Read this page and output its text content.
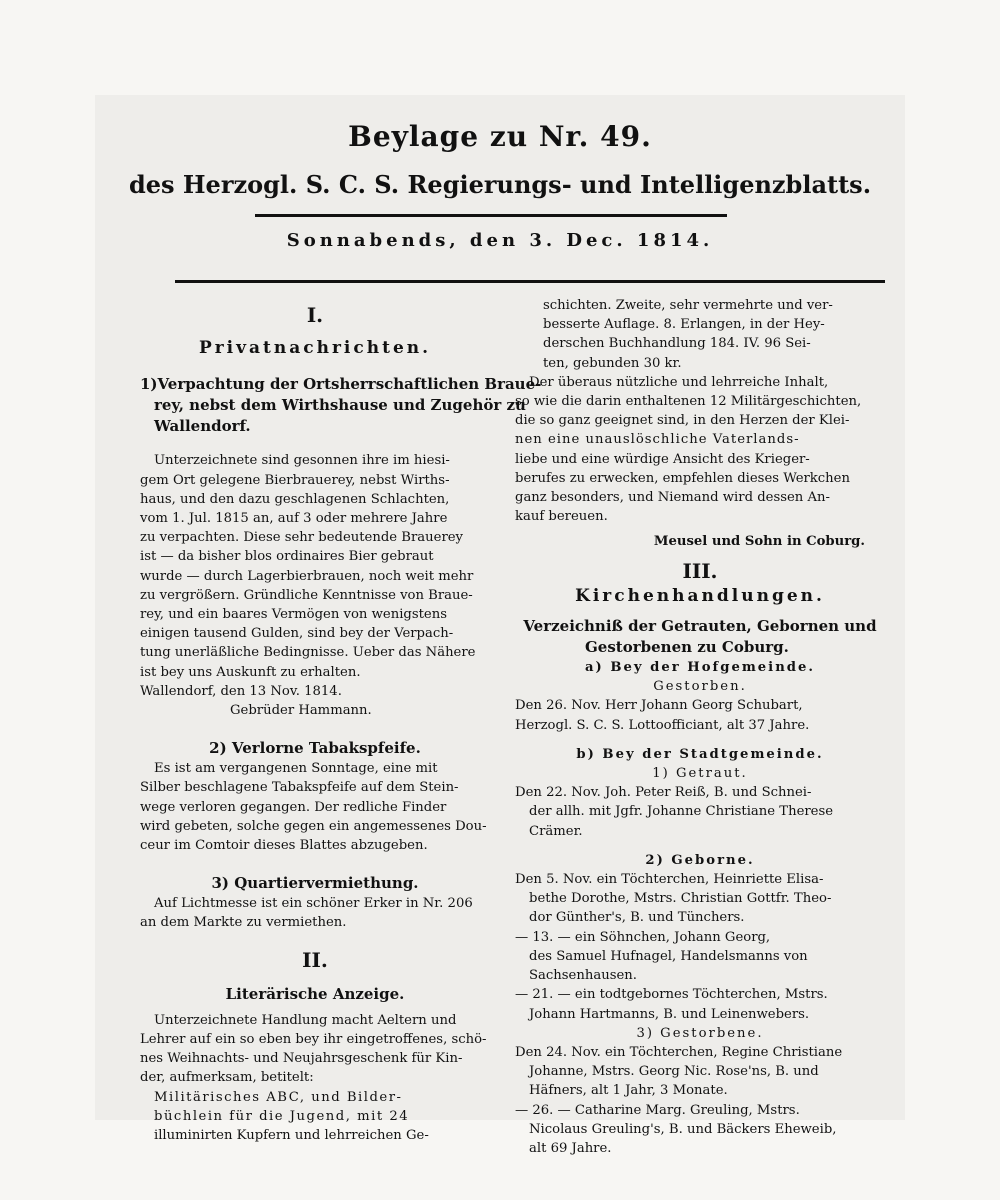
Beylage zu Nr. 49.
des Herzogl. S. C. S. Regierungs- und Intelligenzblatts.
Sonnabends, den 3. Dec. 1814.
I.
Privatnachrichten.
1)Verpachtung der Ortsherrschaftlichen Braue-
rey, nebst dem Wirthshause und Zugehör zu
Wallendorf.
Unterzeichnete sind gesonnen ihre im hiesi-
gem Ort gelegene Bierbrauerey, nebst Wirths-
haus, und den dazu geschlagenen Schlachten,
vom 1. Jul. 1815 an, auf 3 oder mehrere Jahre
zu verpachten. Diese sehr bedeutende Brauerey
ist — da bisher blos ordinaires Bier gebraut
wurde — durch Lagerbierbrauen, noch weit mehr
zu vergrößern. Gründliche Kenntnisse von Braue-
rey, und ein baares Vermögen von wenigstens
einigen tausend Gulden, sind bey der Verpach-
tung unerläßliche Bedingnisse. Ueber das Nähere
ist bey uns Auskunft zu erhalten.
Wallendorf, den 13 Nov. 1814.
Gebrüder Hammann.
2) Verlorne Tabakspfeife.
Es ist am vergangenen Sonntage, eine mit
Silber beschlagene Tabakspfeife auf dem Stein-
wege verloren gegangen. Der redliche Finder
wird gebeten, solche gegen ein angemessenes Dou-
ceur im Comtoir dieses Blattes abzugeben.
3) Quartiervermiethung.
Auf Lichtmesse ist ein schöner Erker in Nr. 206
an dem Markte zu vermiethen.
II.
Literärische Anzeige.
Unterzeichnete Handlung macht Aeltern und
Lehrer auf ein so eben bey ihr eingetroffenes, schö-
nes Weihnachts- und Neujahrsgeschenk für Kin-
der, aufmerksam, betitelt:
Militärisches ABC, und Bilder-
büchlein für die Jugend, mit 24
illuminirten Kupfern und lehrreichen Ge-
schichten. Zweite, sehr vermehrte und ver-
besserte Auflage. 8. Erlangen, in der Hey-
derschen Buchhandlung 184. IV. 96 Sei-
ten, gebunden 30 kr.
Der überaus nützliche und lehrreiche Inhalt,
so wie die darin enthaltenen 12 Militärgeschichten,
die so ganz geeignet sind, in den Herzen der Klei-
nen eine unauslöschliche Vaterlands-
liebe und eine würdige Ansicht des Krieger-
berufes zu erwecken, empfehlen dieses Werkchen
ganz besonders, und Niemand wird dessen An-
kauf bereuen.
Meusel und Sohn in Coburg.
III.
Kirchenhandlungen.
Verzeichniß der Getrauten, Gebornen und
Gestorbenen zu Coburg.
a) Bey der Hofgemeinde.
Gestorben.
Den 26. Nov. Herr Johann Georg Schubart,
Herzogl. S. C. S. Lottoofficiant, alt 37 Jahre.
b) Bey der Stadtgemeinde.
1) Getraut.
Den 22. Nov. Joh. Peter Reiß, B. und Schnei-
der allh. mit Jgfr. Johanne Christiane Therese
Crämer.
2) Geborne.
Den 5. Nov. ein Töchterchen, Heinriette Elisa-
bethe Dorothe, Mstrs. Christian Gottfr. Theo-
dor Günther's, B. und Tünchers.
— 13. — ein Söhnchen, Johann Georg,
des Samuel Hufnagel, Handelsmanns von
Sachsenhausen.
— 21. — ein todtgebornes Töchterchen, Mstrs.
Johann Hartmanns, B. und Leinenwebers.
3) Gestorbene.
Den 24. Nov. ein Töchterchen, Regine Christiane
Johanne, Mstrs. Georg Nic. Rose'ns, B. und
Häfners, alt 1 Jahr, 3 Monate.
— 26. — Catharine Marg. Greuling, Mstrs.
Nicolaus Greuling's, B. und Bäckers Eheweib,
alt 69 Jahre.
